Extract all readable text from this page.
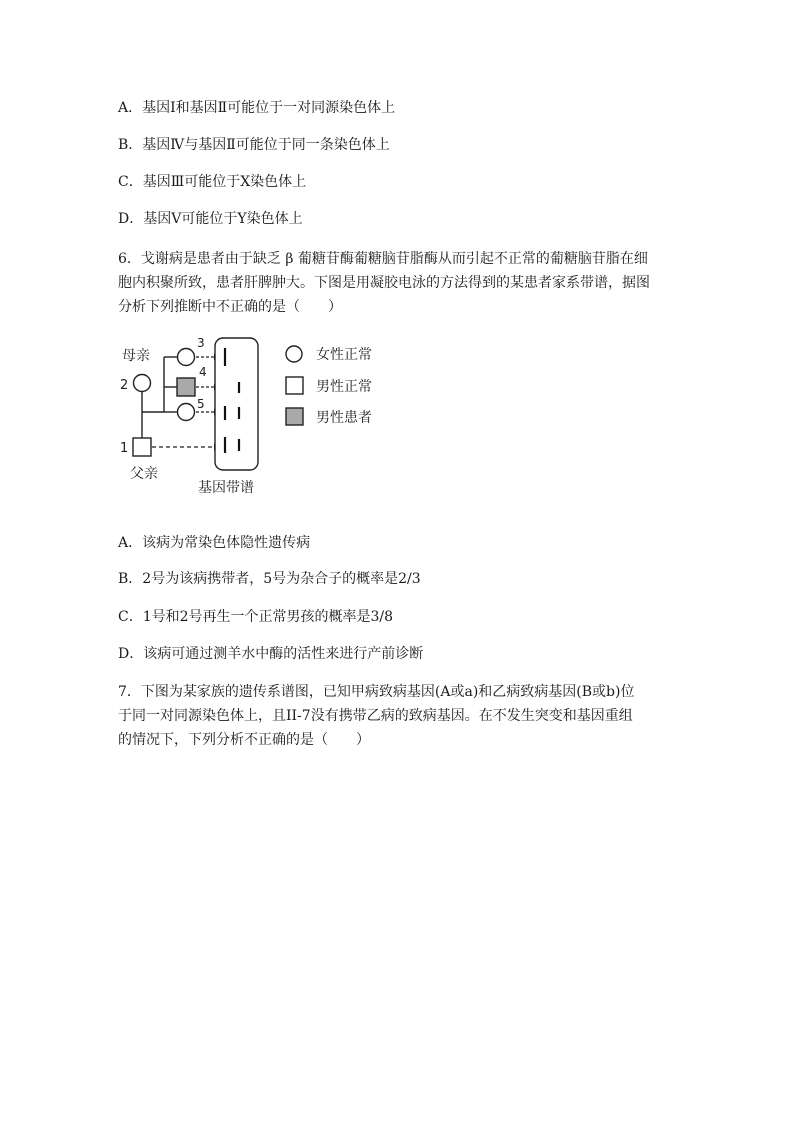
A．基因Ⅰ和基因Ⅱ可能位于一对同源染色体上
B．基因Ⅳ与基因Ⅱ可能位于同一条染色体上
C．基因Ⅲ可能位于X染色体上
D．基因Ⅴ可能位于Y染色体上
6．戈谢病是患者由于缺乏 β 葡糖苷酶葡糖脑苷脂酶从而引起不正常的葡糖脑苷脂在细
胞内积聚所致，患者肝脾肿大。下图是用凝胶电泳的方法得到的某患者家系带谱，据图
分析下列推断中不正确的是（　　）
母亲
2
1
父亲
3
4
5
基因带谱
女性正常
男性正常
男性患者
A．该病为常染色体隐性遗传病
B．2号为该病携带者，5号为杂合子的概率是2/3
C．1号和2号再生一个正常男孩的概率是3/8
D．该病可通过测羊水中酶的活性来进行产前诊断
7．下图为某家族的遗传系谱图，已知甲病致病基因(A或a)和乙病致病基因(B或b)位
于同一对同源染色体上，且II-7没有携带乙病的致病基因。在不发生突变和基因重组
的情况下，下列分析不正确的是（　　）
